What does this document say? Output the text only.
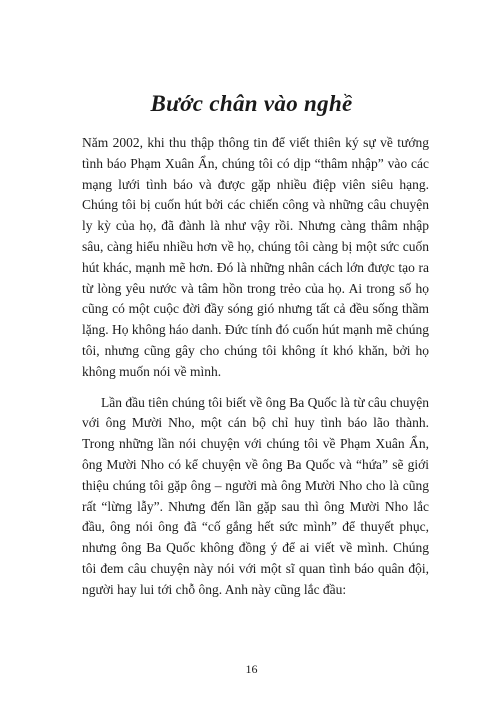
Bước chân vào nghề

Năm 2002, khi thu thập thông tin để viết thiên ký sự về tướng tình báo Phạm Xuân Ẩn, chúng tôi có dịp “thâm nhập” vào các mạng lưới tình báo và được gặp nhiều điệp viên siêu hạng. Chúng tôi bị cuốn hút bởi các chiến công và những câu chuyện ly kỳ của họ, đã đành là như vậy rồi. Nhưng càng thâm nhập sâu, càng hiểu nhiều hơn về họ, chúng tôi càng bị một sức cuốn hút khác, mạnh mẽ hơn. Đó là những nhân cách lớn được tạo ra từ lòng yêu nước và tâm hồn trong trẻo của họ. Ai trong số họ cũng có một cuộc đời đầy sóng gió nhưng tất cả đều sống thầm lặng. Họ không háo danh. Đức tính đó cuốn hút mạnh mẽ chúng tôi, nhưng cũng gây cho chúng tôi không ít khó khăn, bởi họ không muốn nói về mình.

Lần đầu tiên chúng tôi biết về ông Ba Quốc là từ câu chuyện với ông Mười Nho, một cán bộ chỉ huy tình báo lão thành. Trong những lần nói chuyện với chúng tôi về Phạm Xuân Ẩn, ông Mười Nho có kể chuyện về ông Ba Quốc và “hứa” sẽ giới thiệu chúng tôi gặp ông – người mà ông Mười Nho cho là cũng rất “lừng lẫy”. Nhưng đến lần gặp sau thì ông Mười Nho lắc đầu, ông nói ông đã “cố gắng hết sức mình” để thuyết phục, nhưng ông Ba Quốc không đồng ý để ai viết về mình. Chúng tôi đem câu chuyện này nói với một sĩ quan tình báo quân đội, người hay lui tới chỗ ông. Anh này cũng lắc đầu:

16
